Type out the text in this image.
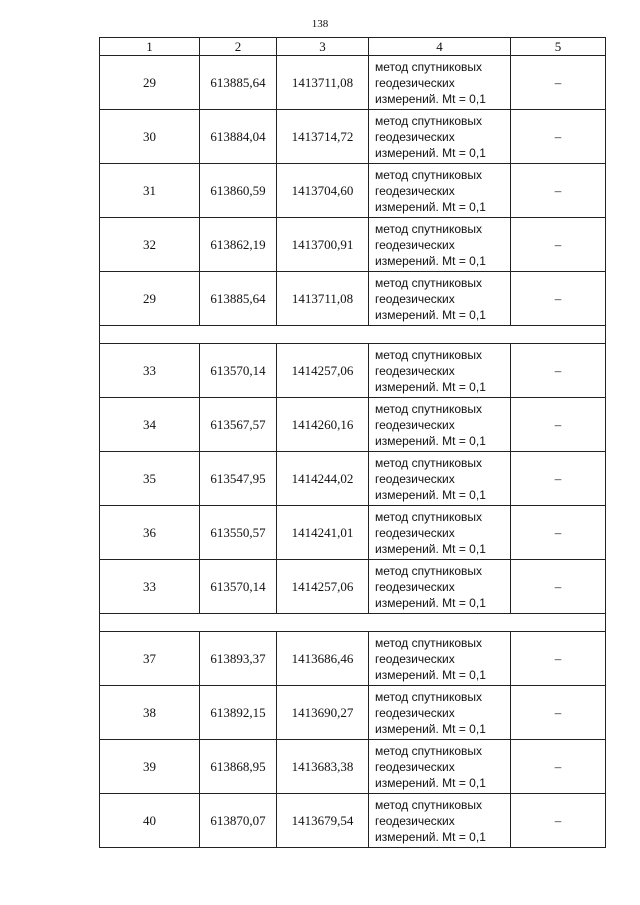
138
1	2	3	4	5
29	613885,64	1413711,08	метод спутниковых
геодезических
измерений. Mt = 0,1	–
30	613884,04	1413714,72	метод спутниковых
геодезических
измерений. Mt = 0,1	–
31	613860,59	1413704,60	метод спутниковых
геодезических
измерений. Mt = 0,1	–
32	613862,19	1413700,91	метод спутниковых
геодезических
измерений. Mt = 0,1	–
29	613885,64	1413711,08	метод спутниковых
геодезических
измерений. Mt = 0,1	–

33	613570,14	1414257,06	метод спутниковых
геодезических
измерений. Mt = 0,1	–
34	613567,57	1414260,16	метод спутниковых
геодезических
измерений. Mt = 0,1	–
35	613547,95	1414244,02	метод спутниковых
геодезических
измерений. Mt = 0,1	–
36	613550,57	1414241,01	метод спутниковых
геодезических
измерений. Mt = 0,1	–
33	613570,14	1414257,06	метод спутниковых
геодезических
измерений. Mt = 0,1	–

37	613893,37	1413686,46	метод спутниковых
геодезических
измерений. Mt = 0,1	–
38	613892,15	1413690,27	метод спутниковых
геодезических
измерений. Mt = 0,1	–
39	613868,95	1413683,38	метод спутниковых
геодезических
измерений. Mt = 0,1	–
40	613870,07	1413679,54	метод спутниковых
геодезических
измерений. Mt = 0,1	–
